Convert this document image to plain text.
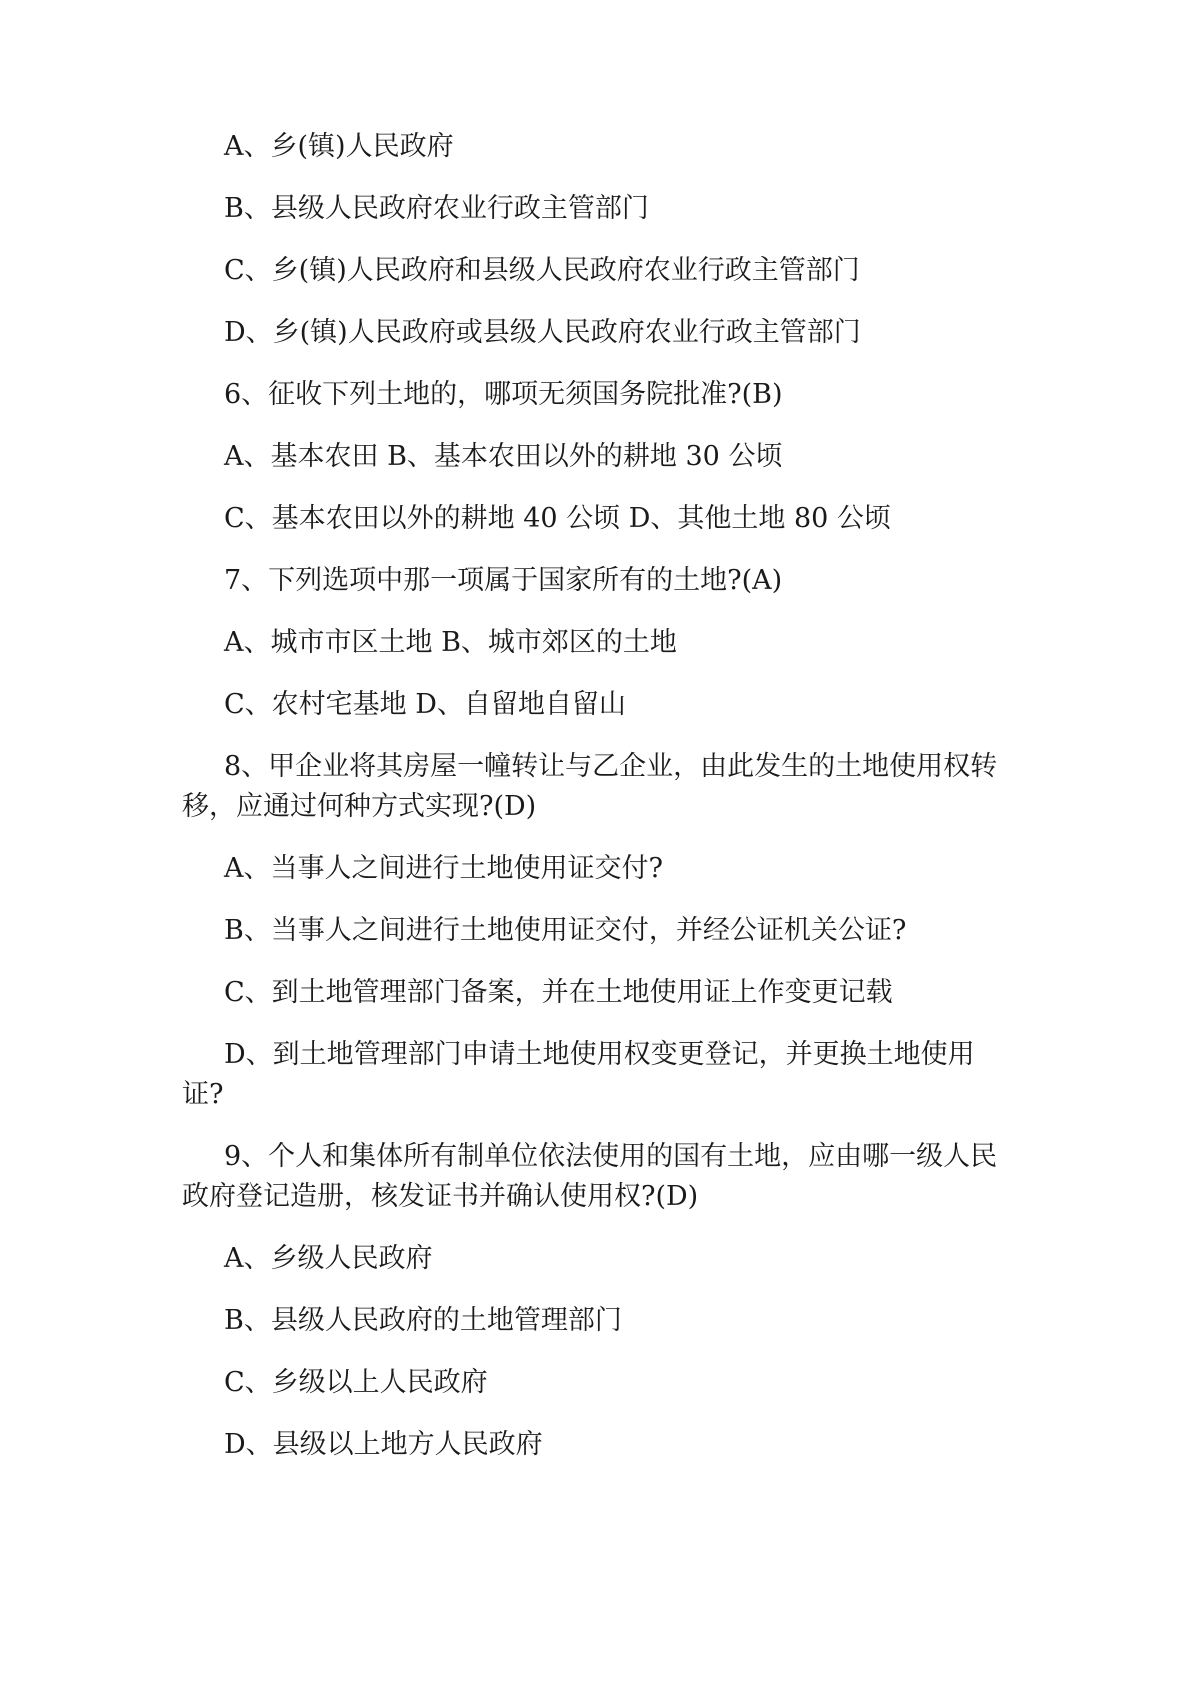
A、乡(镇)人民政府

B、县级人民政府农业行政主管部门

C、乡(镇)人民政府和县级人民政府农业行政主管部门

D、乡(镇)人民政府或县级人民政府农业行政主管部门

6、征收下列土地的，哪项无须国务院批准?(B)

A、基本农田 B、基本农田以外的耕地 30 公顷

C、基本农田以外的耕地 40 公顷 D、其他土地 80 公顷

7、下列选项中那一项属于国家所有的土地?(A)

A、城市市区土地 B、城市郊区的土地

C、农村宅基地 D、自留地自留山

8、甲企业将其房屋一幢转让与乙企业，由此发生的土地使用权转移，应通过何种方式实现?(D)

A、当事人之间进行土地使用证交付?

B、当事人之间进行土地使用证交付，并经公证机关公证?

C、到土地管理部门备案，并在土地使用证上作变更记载

D、到土地管理部门申请土地使用权变更登记，并更换土地使用证?

9、个人和集体所有制单位依法使用的国有土地，应由哪一级人民政府登记造册，核发证书并确认使用权?(D)

A、乡级人民政府

B、县级人民政府的土地管理部门

C、乡级以上人民政府

D、县级以上地方人民政府
